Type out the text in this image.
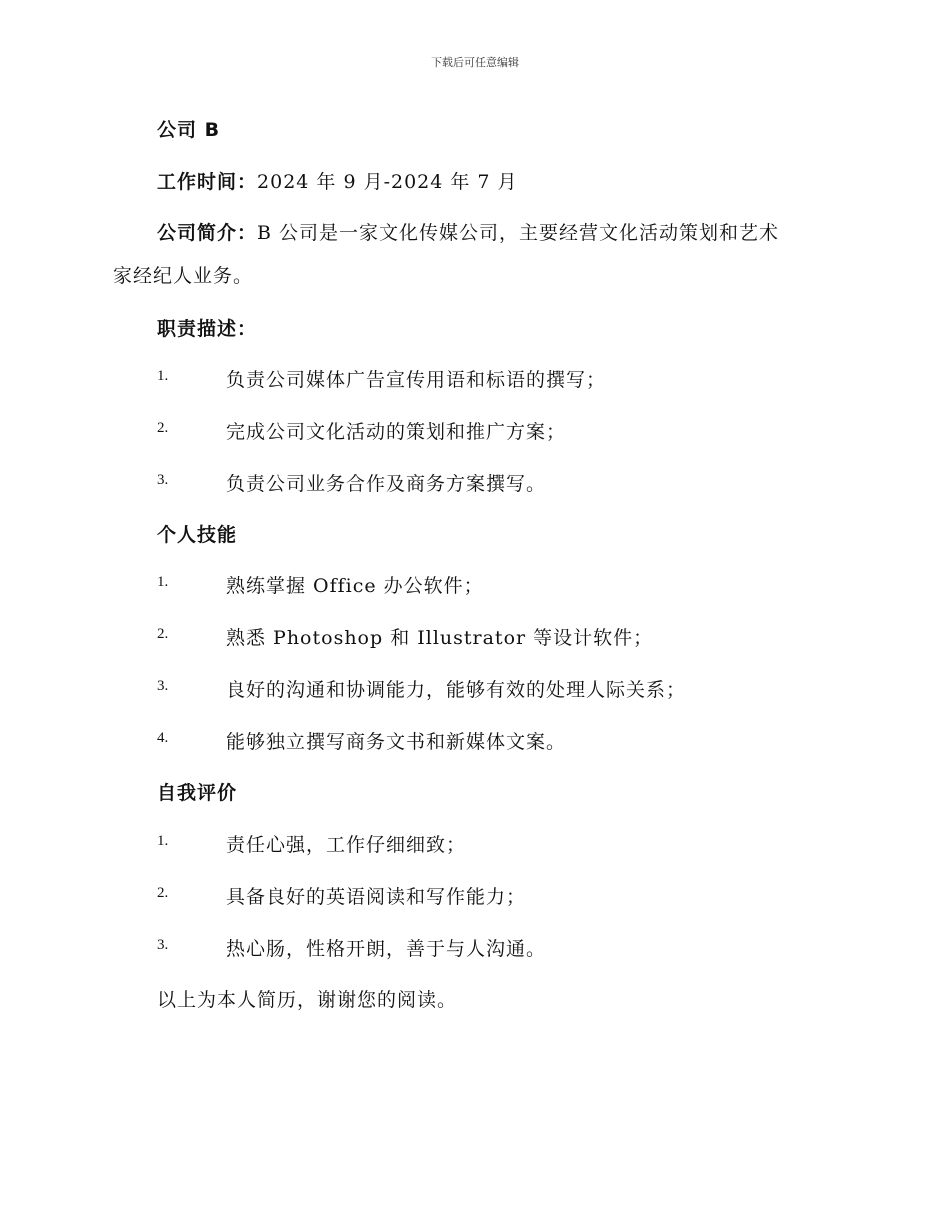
下载后可任意编辑
公司 B
工作时间：2024 年 9 月-2024 年 7 月
公司简介：B 公司是一家文化传媒公司，主要经营文化活动策划和艺术
家经纪人业务。
职责描述：
1.	负责公司媒体广告宣传用语和标语的撰写；
2.	完成公司文化活动的策划和推广方案；
3.	负责公司业务合作及商务方案撰写。
个人技能
1.	熟练掌握 Office 办公软件；
2.	熟悉 Photoshop 和 Illustrator 等设计软件；
3.	良好的沟通和协调能力，能够有效的处理人际关系；
4.	能够独立撰写商务文书和新媒体文案。
自我评价
1.	责任心强，工作仔细细致；
2.	具备良好的英语阅读和写作能力；
3.	热心肠，性格开朗，善于与人沟通。
以上为本人简历，谢谢您的阅读。
